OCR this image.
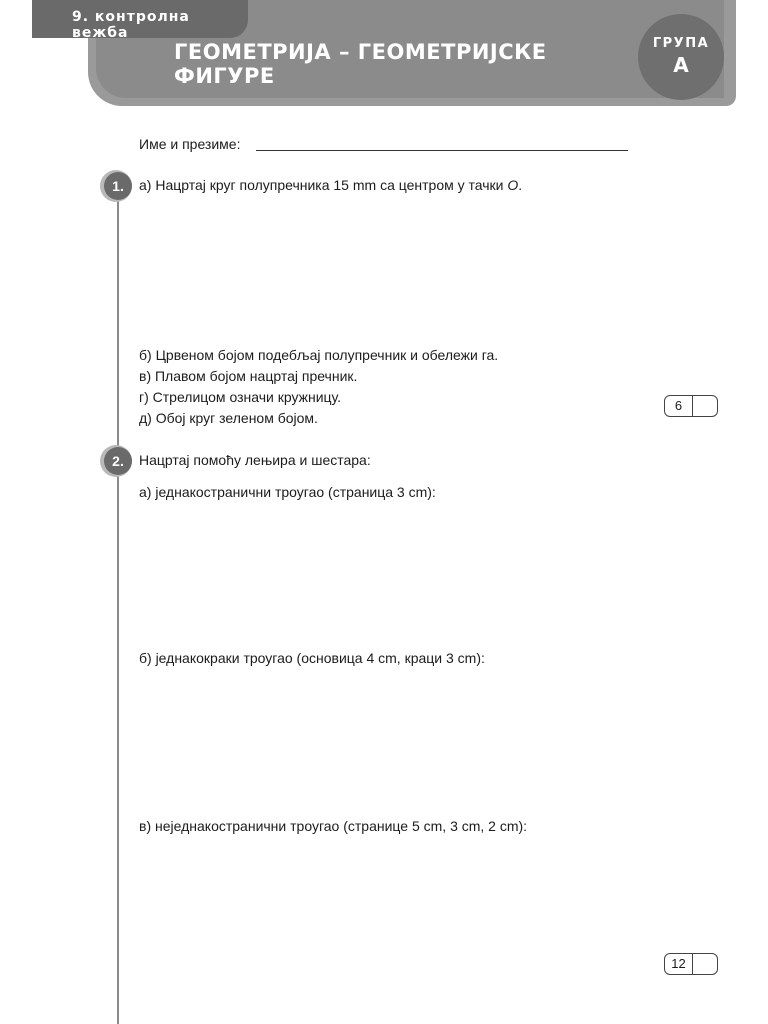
9. контролна вежба
ГЕОМЕТРИЈА – ГЕОМЕТРИЈСКЕ ФИГУРЕ
ГРУПА
А
Име и презиме:
1.	а) Нацртај круг полупречника 15 mm са центром у тачки O.
б) Црвеном бојом подебљај полупречник и обележи га.
в) Плавом бојом нацртај пречник.
г) Стрелицом означи кружницу.
д) Обој круг зеленом бојом.
6
2.	Нацртај помоћу лењира и шестара:
а) једнакостранични троугао (страница 3 cm):
б) једнакокраки троугао (основица 4 cm, краци 3 cm):
в) неједнакостранични троугао (странице 5 cm, 3 cm, 2 cm):
12
